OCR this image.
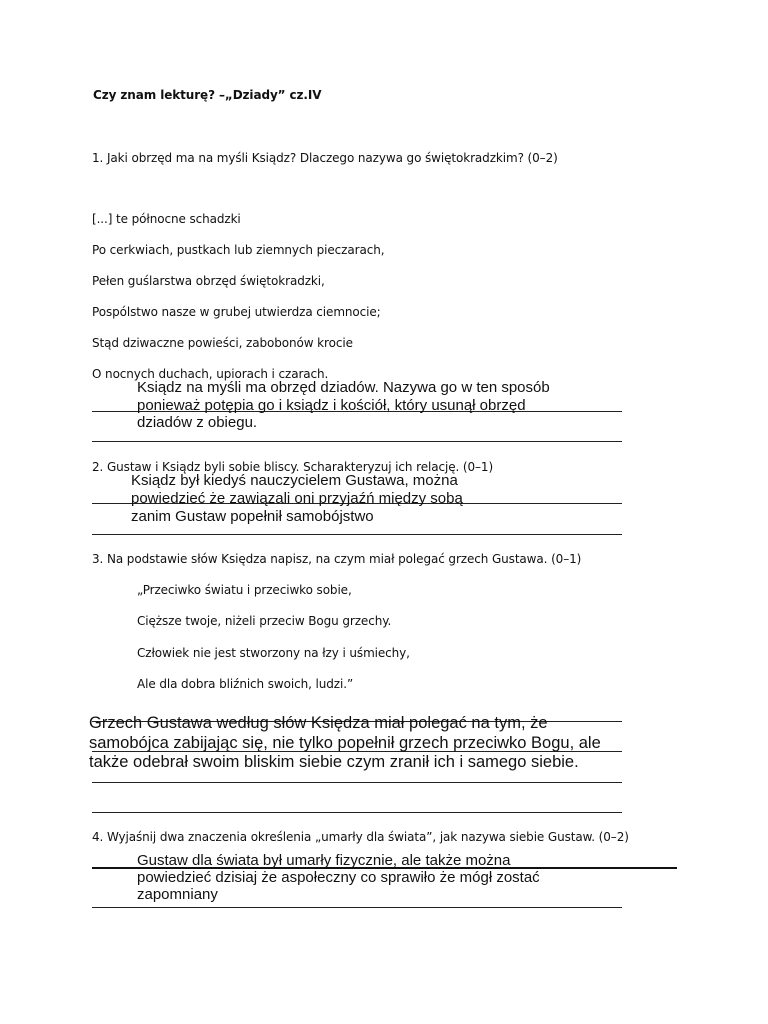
Czy znam lekturę? –„Dziady” cz.IV
1. Jaki obrzęd ma na myśli Ksiądz? Dlaczego nazywa go świętokradzkim? (0–2)
[...] te północne schadzki
Po cerkwiach, pustkach lub ziemnych pieczarach,
Pełen guślarstwa obrzęd świętokradzki,
Pospólstwo nasze w grubej utwierdza ciemnocie;
Stąd dziwaczne powieści, zabobonów krocie
O nocnych duchach, upiorach i czarach.
Ksiądz na myśli ma obrzęd dziadów. Nazywa go w ten sposób
ponieważ potępia go i ksiądz i kościół, który usunął obrzęd
dziadów z obiegu.
2. Gustaw i Ksiądz byli sobie bliscy. Scharakteryzuj ich relację. (0–1)
Ksiądz był kiedyś nauczycielem Gustawa, można
powiedzieć że zawiązali oni przyjaźń między sobą
zanim Gustaw popełnił samobójstwo
3. Na podstawie słów Księdza napisz, na czym miał polegać grzech Gustawa. (0–1)
„Przeciwko światu i przeciwko sobie,
Cięższe twoje, niżeli przeciw Bogu grzechy.
Człowiek nie jest stworzony na łzy i uśmiechy,
Ale dla dobra bliźnich swoich, ludzi.”
Grzech Gustawa według słów Księdza miał polegać na tym, że
samobójca zabijając się, nie tylko popełnił grzech przeciwko Bogu, ale
także odebrał swoim bliskim siebie czym zranił ich i samego siebie.
4. Wyjaśnij dwa znaczenia określenia „umarły dla świata”, jak nazywa siebie Gustaw. (0–2)
Gustaw dla świata był umarły fizycznie, ale także można
powiedzieć dzisiaj że aspołeczny co sprawiło że mógł zostać
zapomniany
